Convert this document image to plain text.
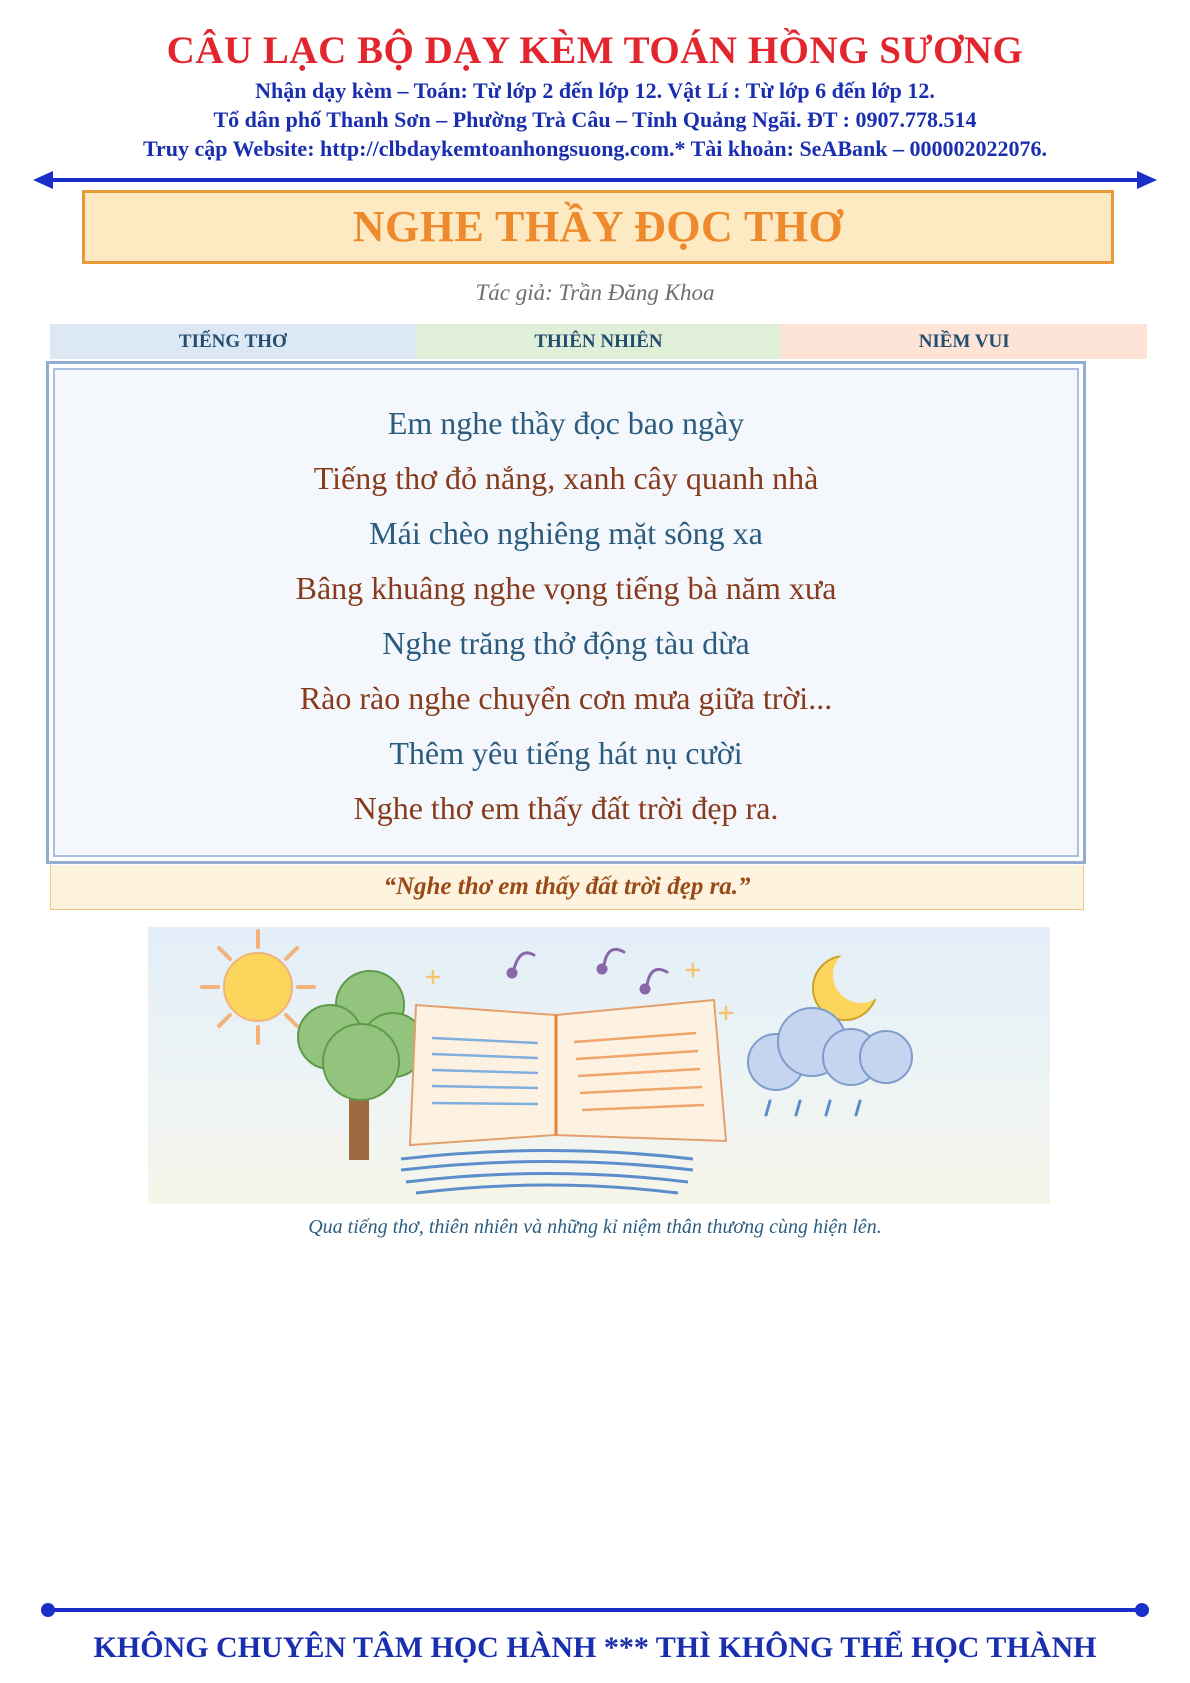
CÂU LẠC BỘ DẠY KÈM TOÁN HỒNG SƯƠNG
Nhận dạy kèm – Toán: Từ lớp 2 đến lớp 12. Vật Lí : Từ lớp 6 đến lớp 12.
Tổ dân phố Thanh Sơn – Phường Trà Câu – Tỉnh Quảng Ngãi. ĐT : 0907.778.514
Truy cập Website: http://clbdaykemtoanhongsuong.com.* Tài khoản: SeABank – 000002022076.
NGHE THẦY ĐỌC THƠ
Tác giả: Trần Đăng Khoa
TIẾNG THƠ	THIÊN NHIÊN	NIỀM VUI
Em nghe thầy đọc bao ngày
Tiếng thơ đỏ nắng, xanh cây quanh nhà
Mái chèo nghiêng mặt sông xa
Bâng khuâng nghe vọng tiếng bà năm xưa
Nghe trăng thở động tàu dừa
Rào rào nghe chuyển cơn mưa giữa trời...
Thêm yêu tiếng hát nụ cười
Nghe thơ em thấy đất trời đẹp ra.
“Nghe thơ em thấy đất trời đẹp ra.”
Qua tiếng thơ, thiên nhiên và những kỉ niệm thân thương cùng hiện lên.
KHÔNG CHUYÊN TÂM HỌC HÀNH *** THÌ KHÔNG THỂ HỌC THÀNH
